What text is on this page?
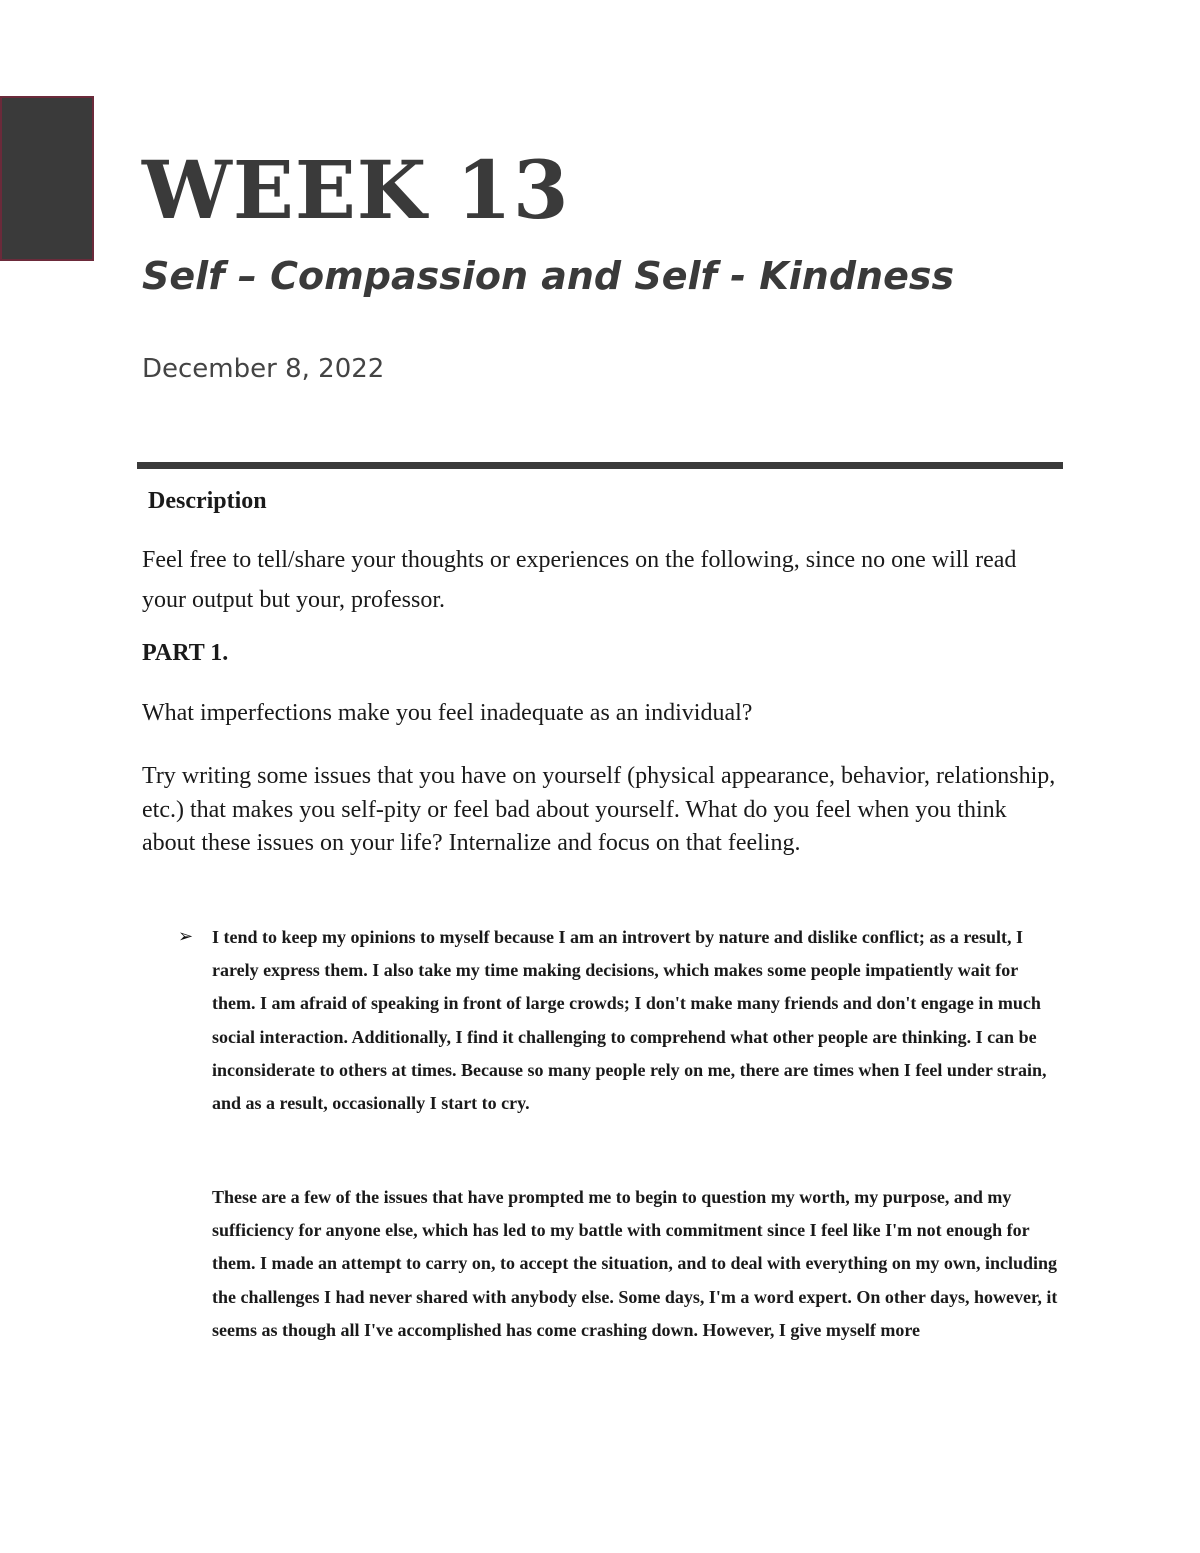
WEEK 13
Self – Compassion and Self - Kindness

December 8, 2022

Description

Feel free to tell/share your thoughts or experiences on the following, since no one will read your output but your, professor.

PART 1.

What imperfections make you feel inadequate as an individual?

Try writing some issues that you have on yourself (physical appearance, behavior, relationship, etc.) that makes you self-pity or feel bad about yourself. What do you feel when you think about these issues on your life? Internalize and focus on that feeling.

➢ I tend to keep my opinions to myself because I am an introvert by nature and dislike conflict; as a result, I rarely express them. I also take my time making decisions, which makes some people impatiently wait for them. I am afraid of speaking in front of large crowds; I don't make many friends and don't engage in much social interaction. Additionally, I find it challenging to comprehend what other people are thinking. I can be inconsiderate to others at times. Because so many people rely on me, there are times when I feel under strain, and as a result, occasionally I start to cry.

These are a few of the issues that have prompted me to begin to question my worth, my purpose, and my sufficiency for anyone else, which has led to my battle with commitment since I feel like I'm not enough for them. I made an attempt to carry on, to accept the situation, and to deal with everything on my own, including the challenges I had never shared with anybody else. Some days, I'm a word expert. On other days, however, it seems as though all I've accomplished has come crashing down. However, I give myself more
